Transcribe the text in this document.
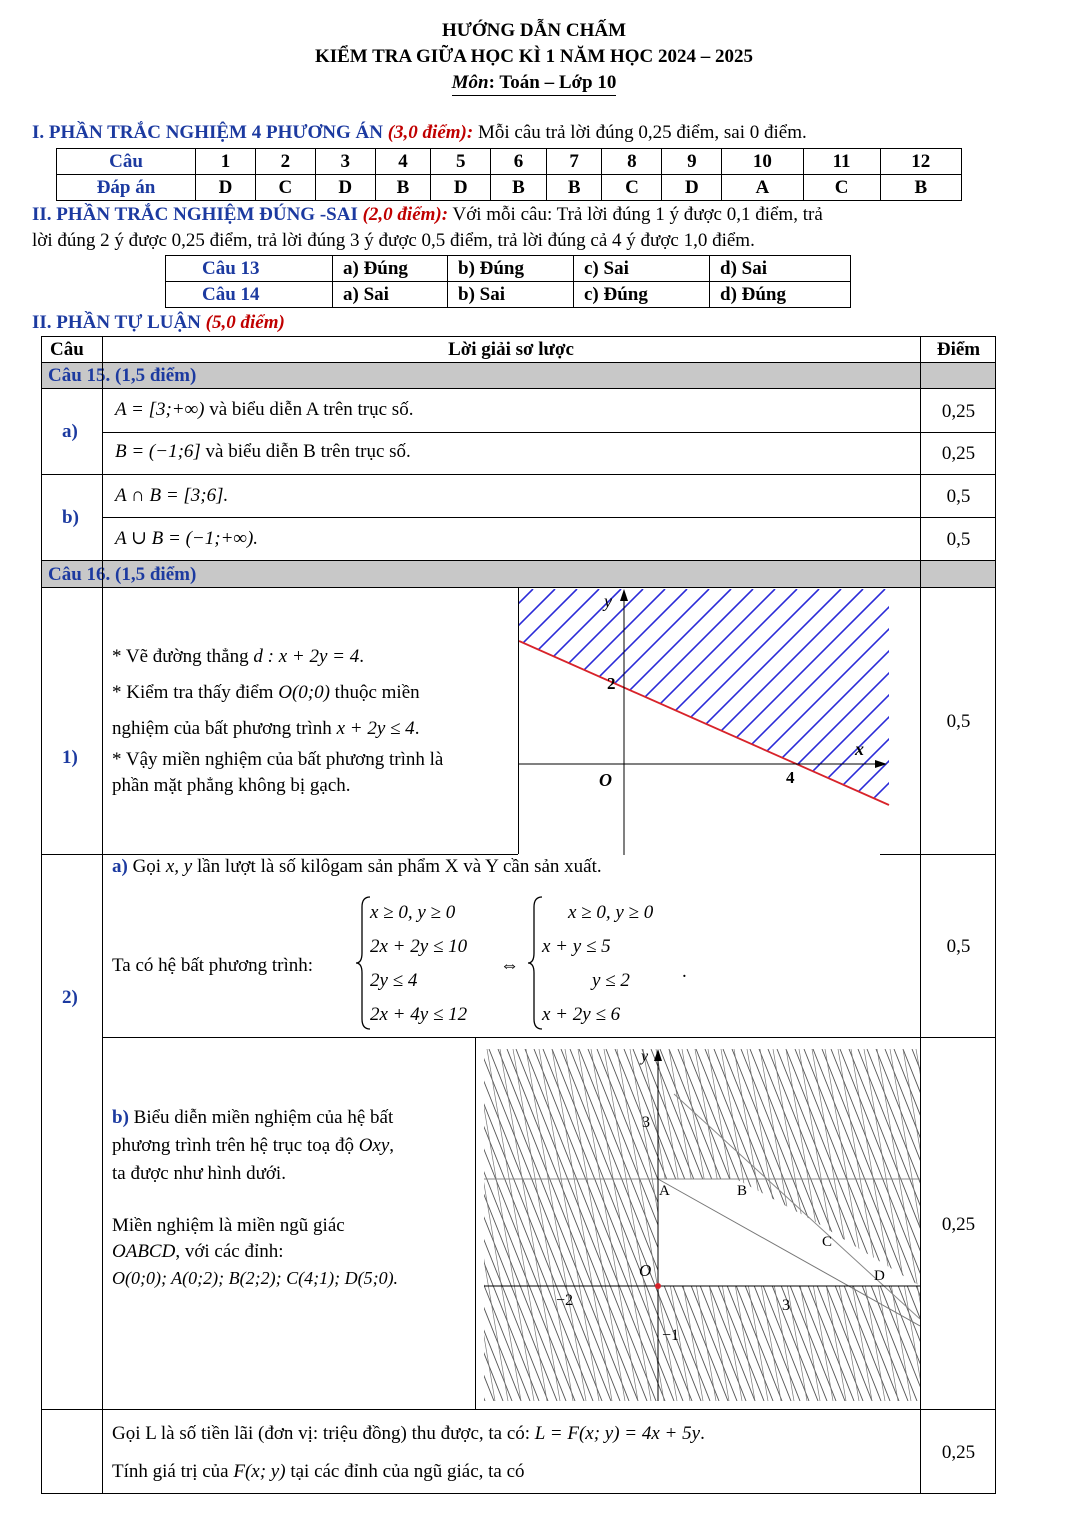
HƯỚNG DẪN CHẤM
KIỂM TRA GIỮA HỌC KÌ 1 NĂM HỌC 2024 – 2025
Môn: Toán – Lớp 10
I. PHẦN TRẮC NGHIỆM 4 PHƯƠNG ÁN (3,0 điểm): Mỗi câu trả lời đúng 0,25 điểm, sai 0 điểm.
Câu	1	2	3	4	5	6	7	8	9	10	11	12
Đáp án	D	C	D	B	D	B	B	C	D	A	C	B
II. PHẦN TRẮC NGHIỆM ĐÚNG -SAI (2,0 điểm): Với mỗi câu: Trả lời đúng 1 ý được 0,1 điểm, trả
lời đúng 2 ý được 0,25 điểm, trả lời đúng 3 ý được 0,5 điểm, trả lời đúng cả 4 ý được 1,0 điểm.
Câu 13	a) Đúng	b) Đúng	c) Sai	d) Sai
Câu 14	a) Sai	b) Sai	c) Đúng	d) Đúng
II. PHẦN TỰ LUẬN (5,0 điểm)
Câu	Lời giải sơ lược	Điểm
Câu 15. (1,5 điểm)
a)
A = [3;+∞) và biểu diễn A trên trục số.	0,25
B = (−1;6] và biểu diễn B trên trục số.	0,25
b)
A ∩ B = [3;6].	0,5
A ∪ B = (−1;+∞).	0,5
Câu 16. (1,5 điểm)
1)
* Vẽ đường thẳng d : x + 2y = 4.
* Kiểm tra thấy điểm O(0;0) thuộc miền
nghiệm của bất phương trình x + 2y ≤ 4.
* Vậy miền nghiệm của bất phương trình là
phần mặt phẳng không bị gạch.
0,5
y
x
2
O	4
2)
a) Gọi x, y lần lượt là số kilôgam sản phẩm X và Y cần sản xuất.
Ta có hệ bất phương trình:
x ≥ 0, y ≥ 0
2x + 2y ≤ 10
2y ≤ 4
2x + 4y ≤ 12
⇔
x ≥ 0, y ≥ 0
x + y ≤ 5
y ≤ 2
x + 2y ≤ 6
.
0,5
b) Biểu diễn miền nghiệm của hệ bất
phương trình trên hệ trục toạ độ Oxy,
ta được như hình dưới.
Miền nghiệm là miền ngũ giác
OABCD, với các đỉnh:
O(0;0); A(0;2); B(2;2); C(4;1); D(5;0).
0,25
y
O
A	B
C
D
3
−1
−2	3
Gọi L là số tiền lãi (đơn vị: triệu đồng) thu được, ta có: L = F(x; y) = 4x + 5y.
Tính giá trị của F(x; y) tại các đỉnh của ngũ giác, ta có
0,25
